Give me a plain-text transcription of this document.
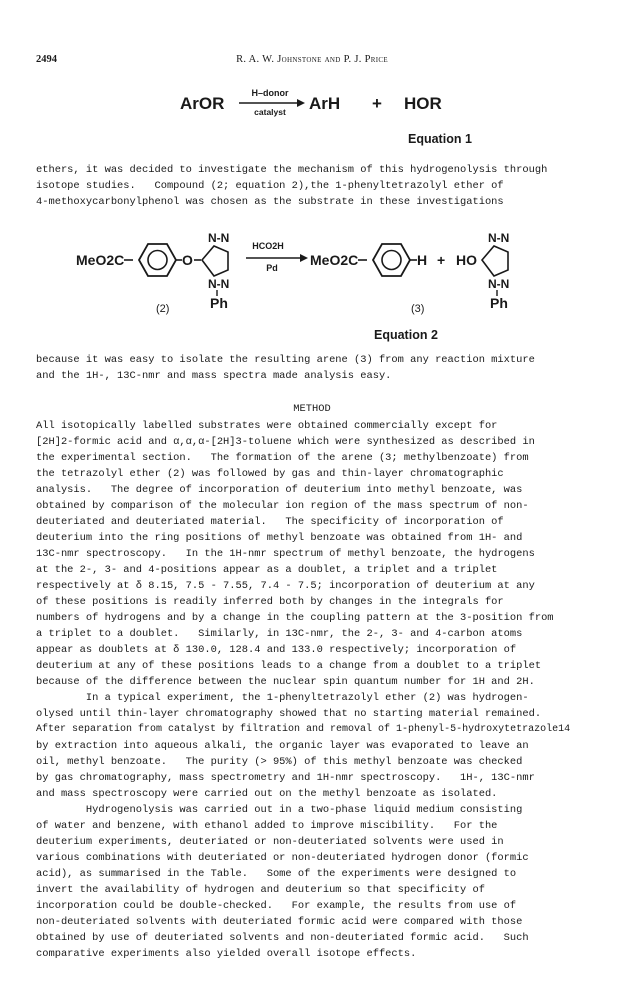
2494	R. A. W. Johnstone and P. J. Price
ArOR
H–donor
catalyst ArH + HOR
Equation 1
ethers, it was decided to investigate the mechanism of this hydrogenolysis through
isotope studies.   Compound (2; equation 2),the 1-phenyltetrazolyl ether of
4-methoxycarbonylphenol was chosen as the substrate in these investigations
MeO2C	O
N-N
N-N
Ph
HCO2H
Pd MeO2C	H + HO
N-N
N-N
Ph
(2)	(3)
Equation 2
because it was easy to isolate the resulting arene (3) from any reaction mixture
and the 1H-, 13C-nmr and mass spectra made analysis easy.
METHOD
All isotopically labelled substrates were obtained commercially except for
[2H]2-formic acid and α,α,α-[2H]3-toluene which were synthesized as described in
the experimental section.   The formation of the arene (3; methylbenzoate) from
the tetrazolyl ether (2) was followed by gas and thin-layer chromatographic
analysis.   The degree of incorporation of deuterium into methyl benzoate, was
obtained by comparison of the molecular ion region of the mass spectrum of non-
deuteriated and deuteriated material.   The specificity of incorporation of
deuterium into the ring positions of methyl benzoate was obtained from 1H- and
13C-nmr spectroscopy.   In the 1H-nmr spectrum of methyl benzoate, the hydrogens
at the 2-, 3- and 4-positions appear as a doublet, a triplet and a triplet
respectively at δ 8.15, 7.5 - 7.55, 7.4 - 7.5; incorporation of deuterium at any
of these positions is readily inferred both by changes in the integrals for
numbers of hydrogens and by a change in the coupling pattern at the 3-position from
a triplet to a doublet.   Similarly, in 13C-nmr, the 2-, 3- and 4-carbon atoms
appear as doublets at δ 130.0, 128.4 and 133.0 respectively; incorporation of
deuterium at any of these positions leads to a change from a doublet to a triplet
because of the difference between the nuclear spin quantum number for 1H and 2H.
In a typical experiment, the 1-phenyltetrazolyl ether (2) was hydrogen-
olysed until thin-layer chromatography showed that no starting material remained.
After separation from catalyst by filtration and removal of 1-phenyl-5-hydroxytetrazole14
by extraction into aqueous alkali, the organic layer was evaporated to leave an
oil, methyl benzoate.   The purity (> 95%) of this methyl benzoate was checked
by gas chromatography, mass spectrometry and 1H-nmr spectroscopy.   1H-, 13C-nmr
and mass spectroscopy were carried out on the methyl benzoate as isolated.
Hydrogenolysis was carried out in a two-phase liquid medium consisting
of water and benzene, with ethanol added to improve miscibility.   For the
deuterium experiments, deuteriated or non-deuteriated solvents were used in
various combinations with deuteriated or non-deuteriated hydrogen donor (formic
acid), as summarised in the Table.   Some of the experiments were designed to
invert the availability of hydrogen and deuterium so that specificity of
incorporation could be double-checked.   For example, the results from use of
non-deuteriated solvents with deuteriated formic acid were compared with those
obtained by use of deuteriated solvents and non-deuteriated formic acid.   Such
comparative experiments also yielded overall isotope effects.
